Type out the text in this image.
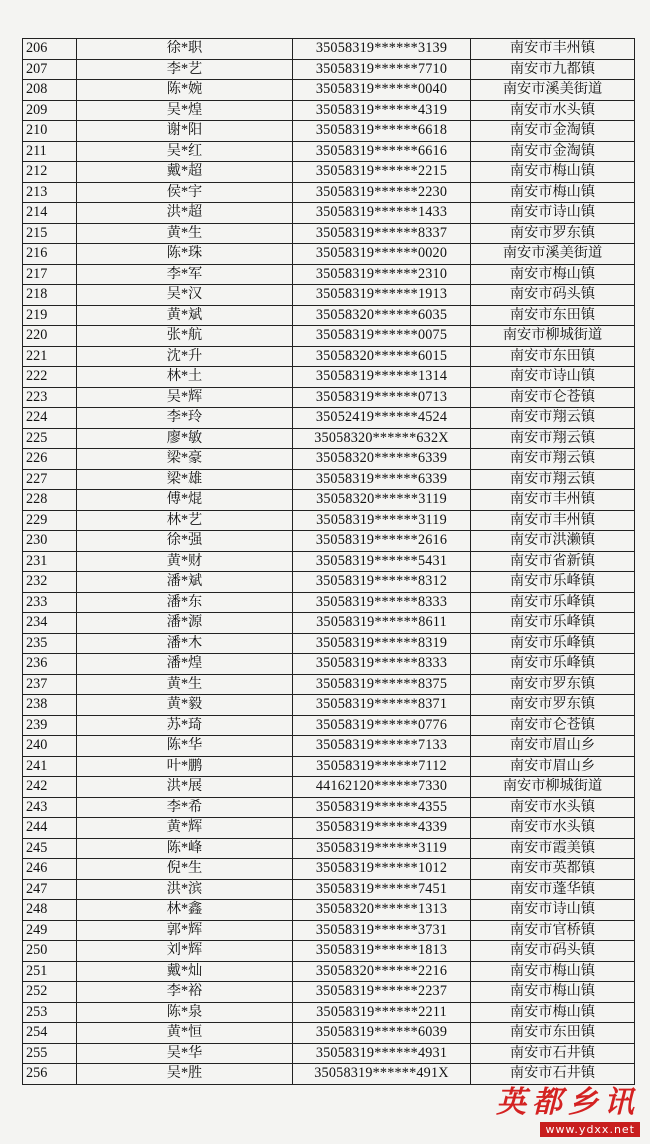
206	徐*职	35058319******3139	南安市丰州镇
207	李*艺	35058319******7710	南安市九都镇
208	陈*婉	35058319******0040	南安市溪美街道
209	吴*煌	35058319******4319	南安市水头镇
210	谢*阳	35058319******6618	南安市金淘镇
211	吴*红	35058319******6616	南安市金淘镇
212	戴*超	35058319******2215	南安市梅山镇
213	侯*宇	35058319******2230	南安市梅山镇
214	洪*超	35058319******1433	南安市诗山镇
215	黄*生	35058319******8337	南安市罗东镇
216	陈*珠	35058319******0020	南安市溪美街道
217	李*军	35058319******2310	南安市梅山镇
218	吴*汉	35058319******1913	南安市码头镇
219	黄*斌	35058320******6035	南安市东田镇
220	张*航	35058319******0075	南安市柳城街道
221	沈*升	35058320******6015	南安市东田镇
222	林*土	35058319******1314	南安市诗山镇
223	吴*辉	35058319******0713	南安市仑苍镇
224	李*玲	35052419******4524	南安市翔云镇
225	廖*敏	35058320******632X	南安市翔云镇
226	梁*豪	35058320******6339	南安市翔云镇
227	梁*雄	35058319******6339	南安市翔云镇
228	傅*焜	35058320******3119	南安市丰州镇
229	林*艺	35058319******3119	南安市丰州镇
230	徐*强	35058319******2616	南安市洪濑镇
231	黄*财	35058319******5431	南安市省新镇
232	潘*斌	35058319******8312	南安市乐峰镇
233	潘*东	35058319******8333	南安市乐峰镇
234	潘*源	35058319******8611	南安市乐峰镇
235	潘*木	35058319******8319	南安市乐峰镇
236	潘*煌	35058319******8333	南安市乐峰镇
237	黄*生	35058319******8375	南安市罗东镇
238	黄*毅	35058319******8371	南安市罗东镇
239	苏*琦	35058319******0776	南安市仑苍镇
240	陈*华	35058319******7133	南安市眉山乡
241	叶*鹏	35058319******7112	南安市眉山乡
242	洪*展	44162120******7330	南安市柳城街道
243	李*希	35058319******4355	南安市水头镇
244	黄*辉	35058319******4339	南安市水头镇
245	陈*峰	35058319******3119	南安市霞美镇
246	倪*生	35058319******1012	南安市英都镇
247	洪*滨	35058319******7451	南安市蓬华镇
248	林*鑫	35058320******1313	南安市诗山镇
249	郭*辉	35058319******3731	南安市官桥镇
250	刘*辉	35058319******1813	南安市码头镇
251	戴*灿	35058320******2216	南安市梅山镇
252	李*裕	35058319******2237	南安市梅山镇
253	陈*泉	35058319******2211	南安市梅山镇
254	黄*恒	35058319******6039	南安市东田镇
255	吴*华	35058319******4931	南安市石井镇
256	吴*胜	35058319******491X	南安市石井镇
英都乡讯
www.ydxx.net
